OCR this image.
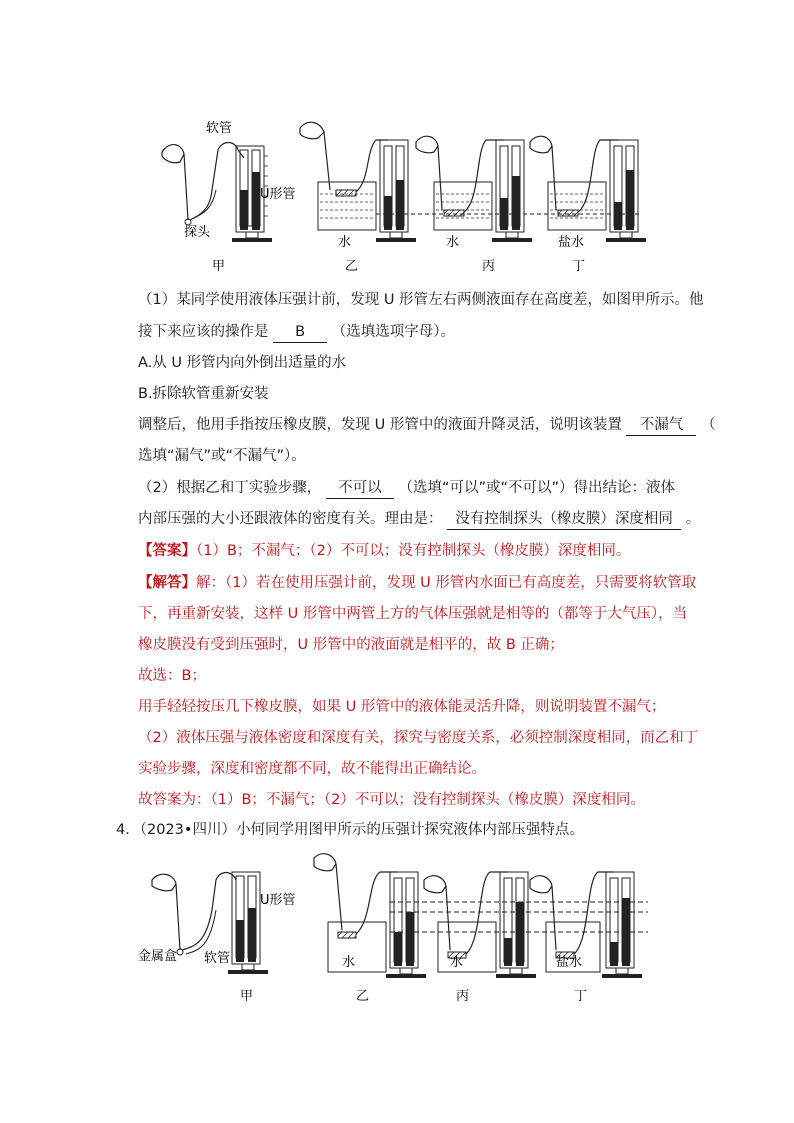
软管
U形管
探头
水	水	盐水
甲	乙	丙	丁
（1）某同学使用液体压强计前，发现 U 形管左右两侧液面存在高度差，如图甲所示。他
接下来应该的操作是 B （选填选项字母）。
A.从 U 形管内向外倒出适量的水
B.拆除软管重新安装
调整后，他用手指按压橡皮膜，发现 U 形管中的液面升降灵活，说明该装置 不漏气 （
选填“漏气”或“不漏气”）。
（2）根据乙和丁实验步骤， 不可以 （选填“可以”或“不可以”）得出结论：液体
内部压强的大小还跟液体的密度有关。理由是： 没有控制探头（橡皮膜）深度相同 。
【答案】（1）B；不漏气；（2）不可以；没有控制探头（橡皮膜）深度相同。
【解答】解：（1）若在使用压强计前，发现 U 形管内水面已有高度差，只需要将软管取
下，再重新安装，这样 U 形管中两管上方的气体压强就是相等的（都等于大气压），当
橡皮膜没有受到压强时，U 形管中的液面就是相平的，故 B 正确；
故选：B；
用手轻轻按压几下橡皮膜，如果 U 形管中的液体能灵活升降，则说明装置不漏气；
（2）液体压强与液体密度和深度有关，探究与密度关系，必须控制深度相同，而乙和丁
实验步骤，深度和密度都不同，故不能得出正确结论。
故答案为：（1）B；不漏气；（2）不可以；没有控制探头（橡皮膜）深度相同。
4．（2023•四川）小何同学用图甲所示的压强计探究液体内部压强特点。
U形管
金属盒 软管	水	水	盐水
甲	乙	丙	丁
